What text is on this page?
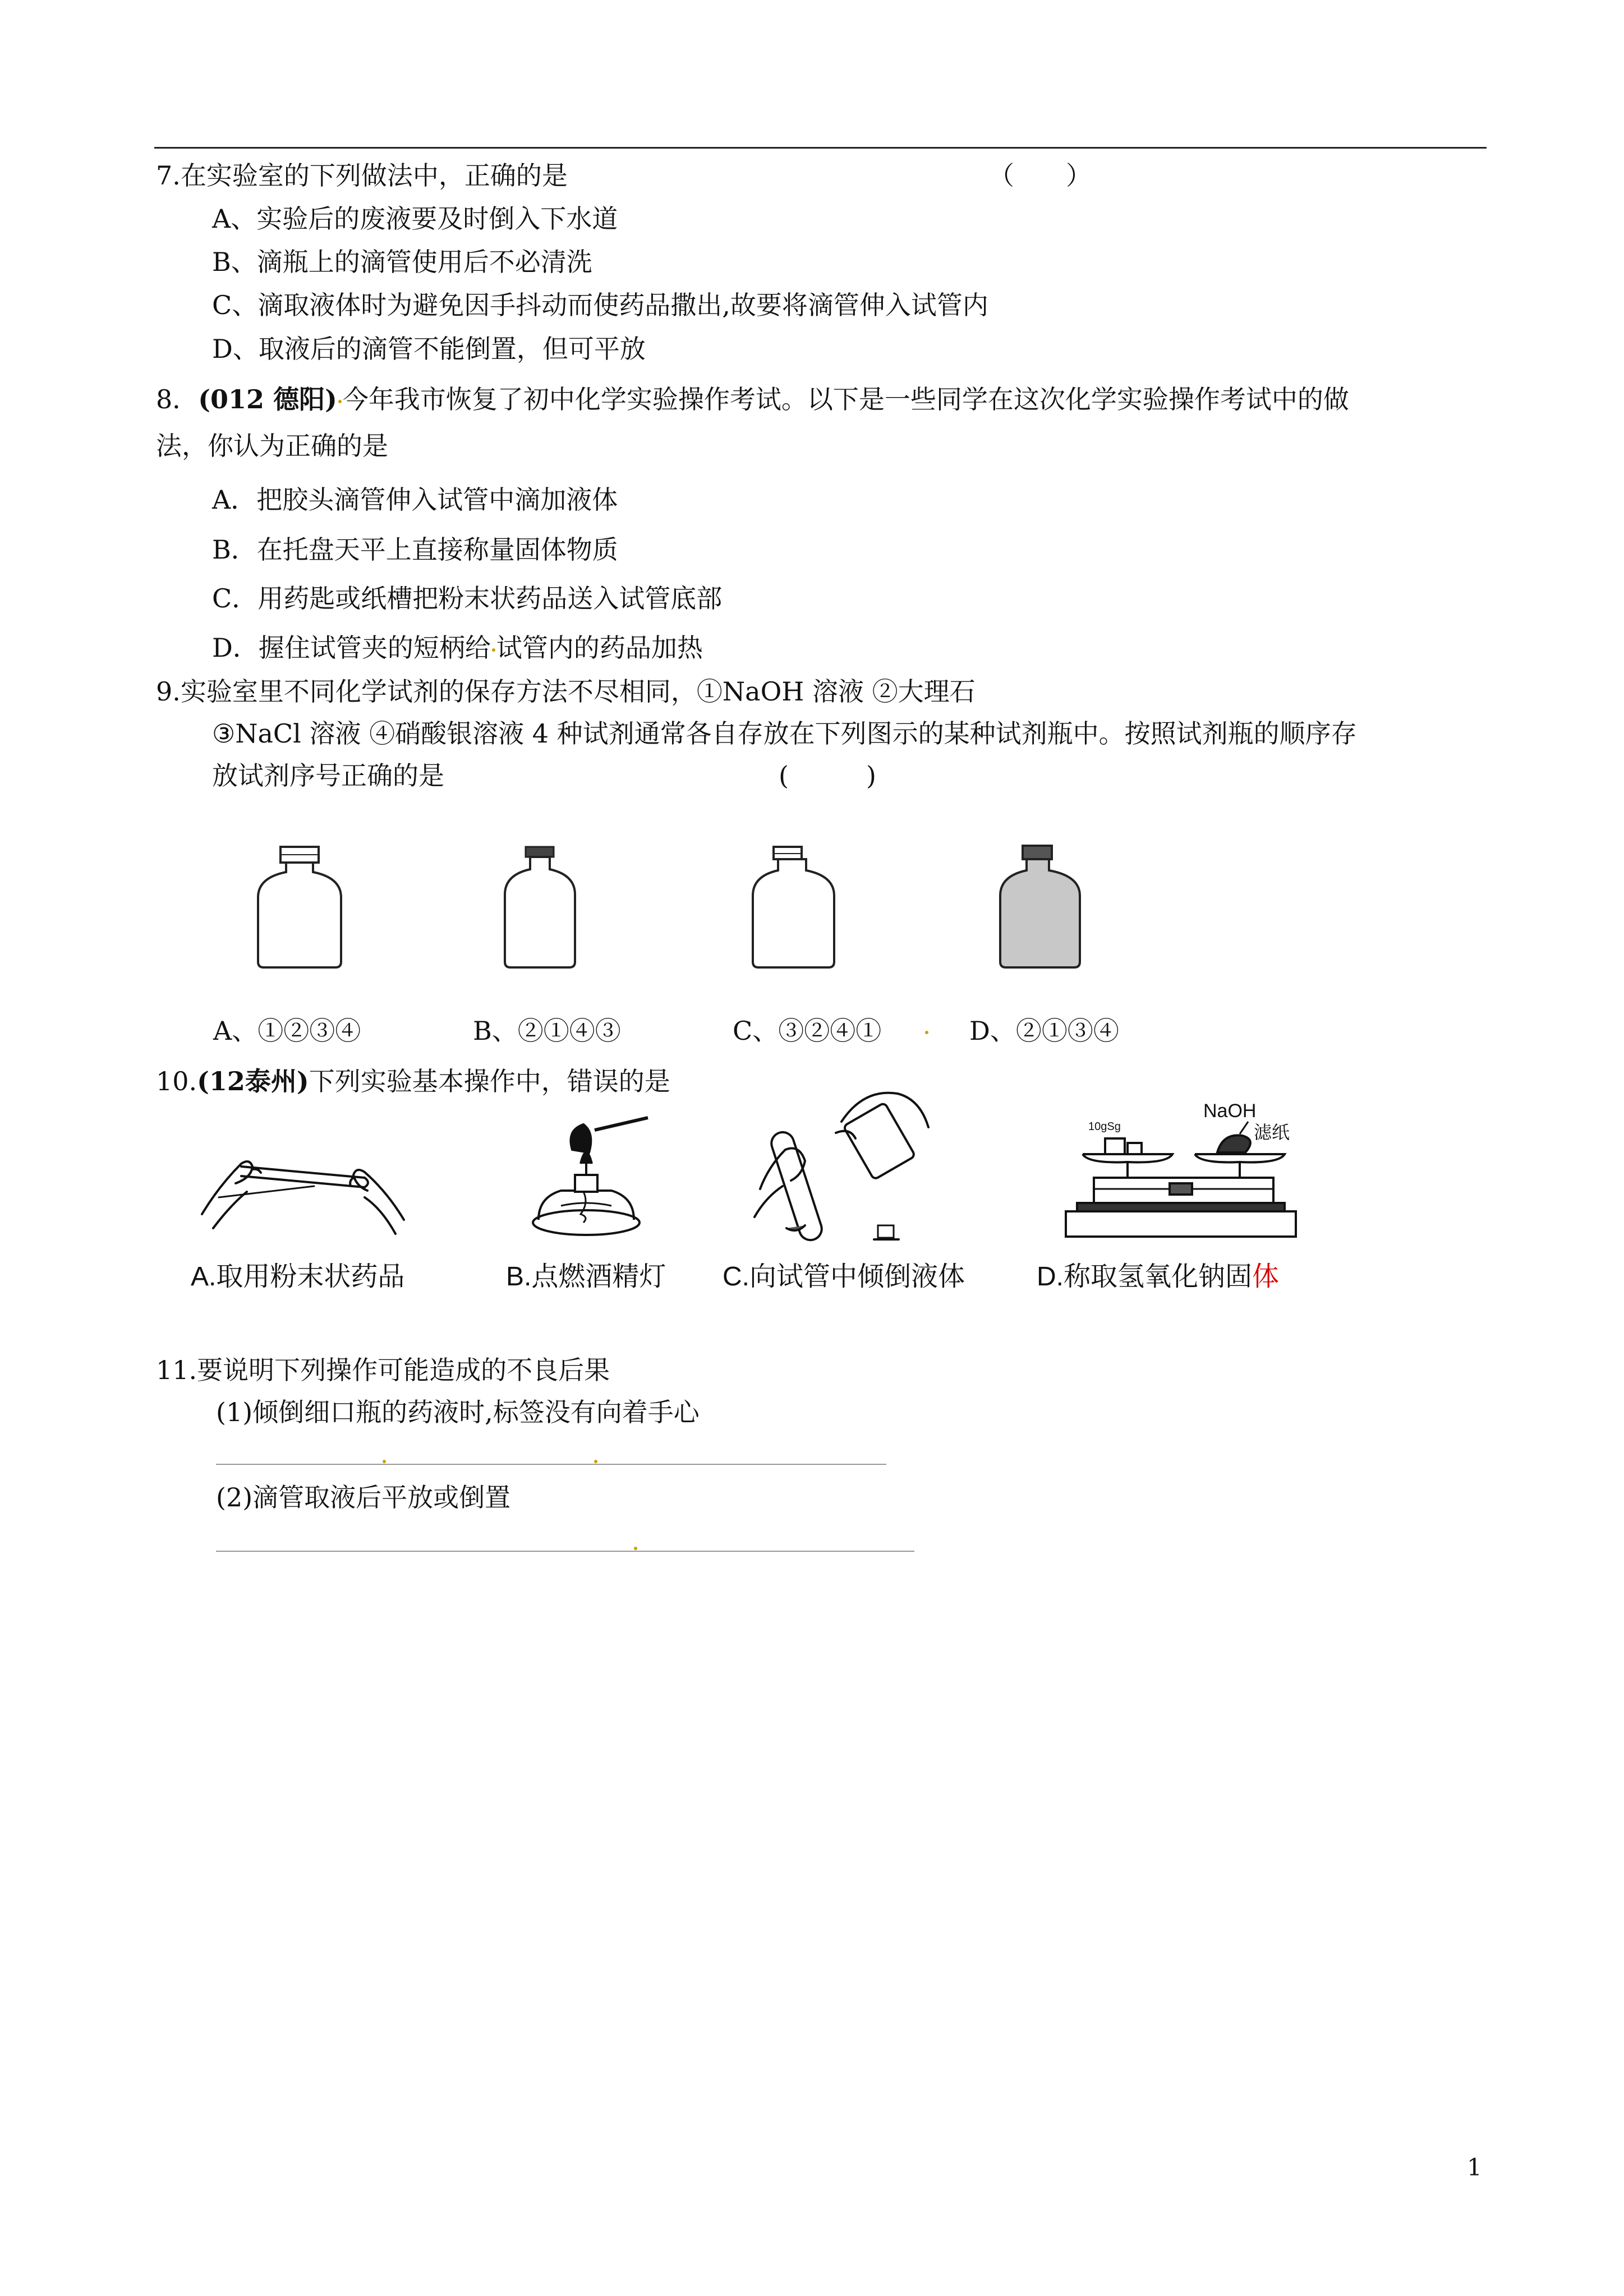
7.在实验室的下列做法中，正确的是	（　　）
A、实验后的废液要及时倒入下水道
B、滴瓶上的滴管使用后不必清洗
C、滴取液体时为避免因手抖动而使药品撒出,故要将滴管伸入试管内
D、取液后的滴管不能倒置，但可平放
8．(012 德阳) 今年我市恢复了初中化学实验操作考试。以下是一些同学在这次化学实验操作考试中的做
法，你认为正确的是
A．把胶头滴管伸入试管中滴加液体
B．在托盘天平上直接称量固体物质
C．用药匙或纸槽把粉末状药品送入试管底部
D．握住试管夹的短柄给 试管内的药品加热
9.实验室里不同化学试剂的保存方法不尽相同，①NaOH 溶液 ②大理石
③NaCl 溶液 ④硝酸银溶液 4 种试剂通常各自存放在下列图示的某种试剂瓶中。按照试剂瓶的顺序存
放试剂序号正确的是	(　　　)
A、①②③④	B、②①④③	C、③②④①	D、②①③④
10.(12泰州)下列实验基本操作中，错误的是
10gSg
NaOH
滤纸
A.取用粉末状药品	B.点燃酒精灯 C.向试管中倾倒液体	D.称取氢氧化钠固体
11.要说明下列操作可能造成的不良后果
(1)倾倒细口瓶的药液时,标签没有向着手心
(2)滴管取液后平放或倒置
1
